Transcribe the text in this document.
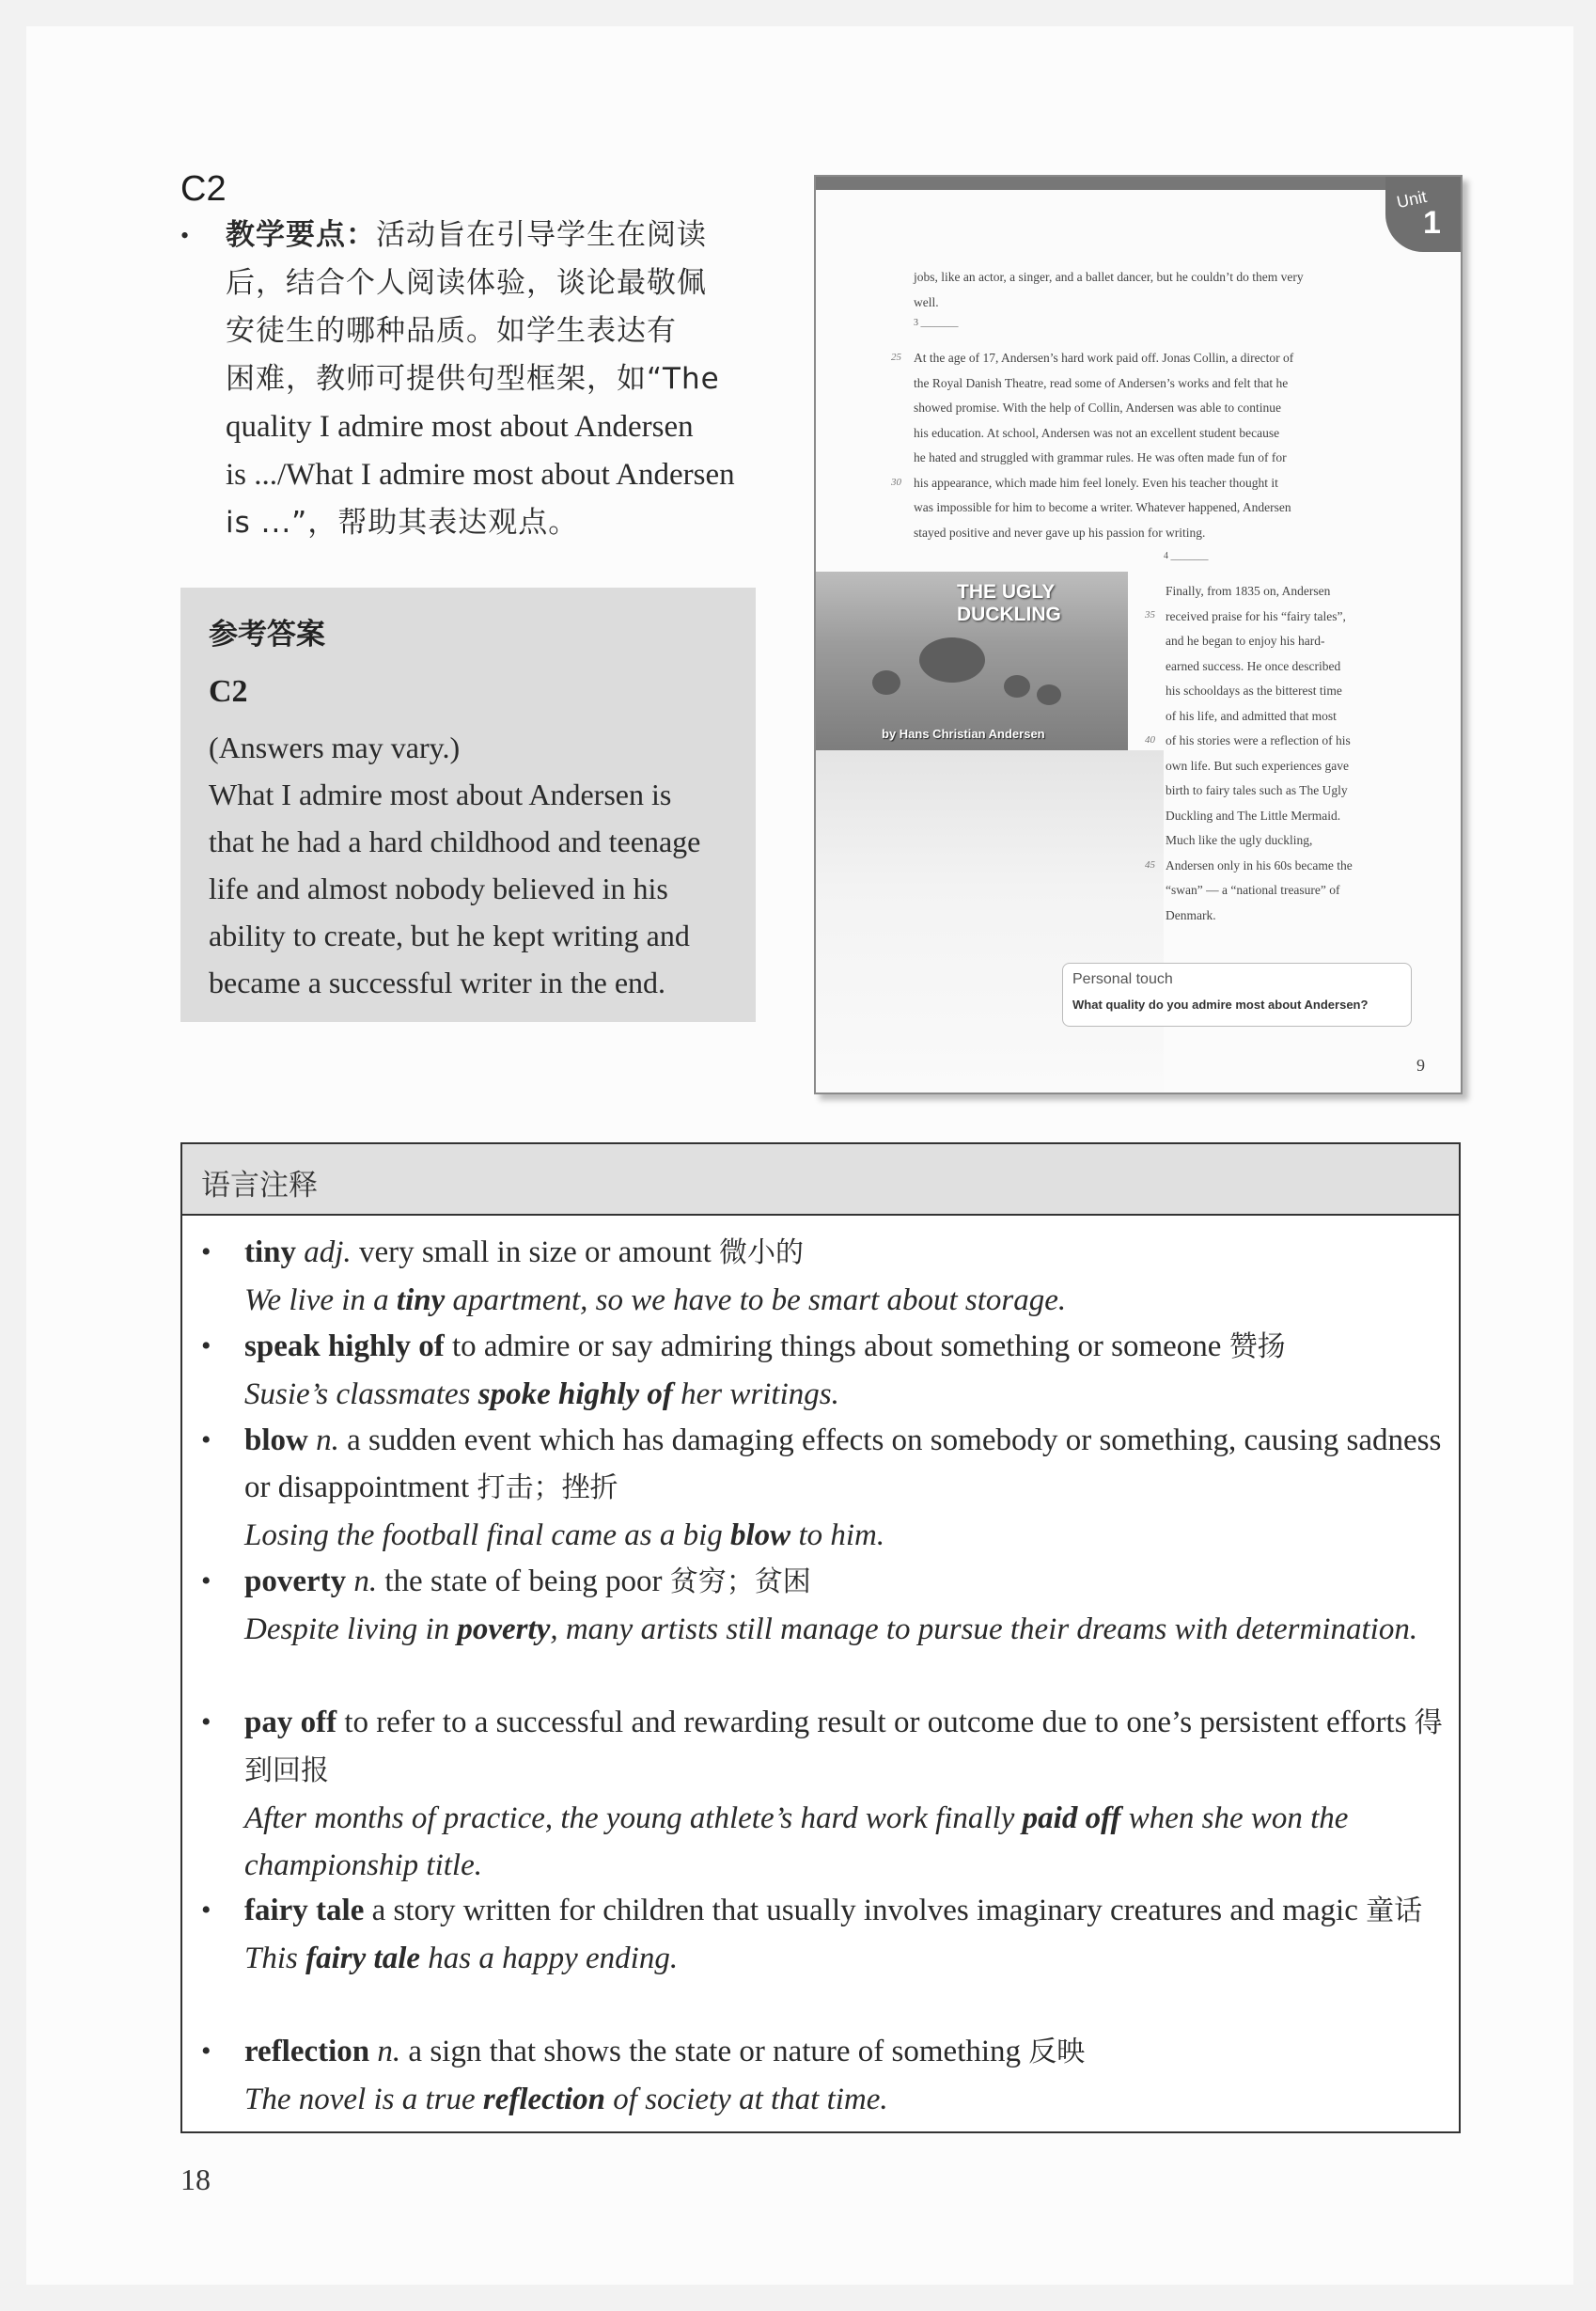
C2
• 教学要点：活动旨在引导学生在阅读
后，结合个人阅读体验，谈论最敬佩
安徒生的哪种品质。如学生表达有
困难，教师可提供句型框架，如“The
quality I admire most about Andersen
is .../What I admire most about Andersen
is ...”，帮助其表达观点。
参考答案
C2
(Answers may vary.)
What I admire most about Andersen is
that he had a hard childhood and teenage
life and almost nobody believed in his
ability to create, but he kept writing and
became a successful writer in the end.
Unit
1
jobs, like an actor, a singer, and a ballet dancer, but he couldn’t do them very
well.
3 ________
25
30
At the age of 17, Andersen’s hard work paid off. Jonas Collin, a director of
the Royal Danish Theatre, read some of Andersen’s works and felt that he
showed promise. With the help of Collin, Andersen was able to continue
his education. At school, Andersen was not an excellent student because
he hated and struggled with grammar rules. He was often made fun of for
his appearance, which made him feel lonely. Even his teacher thought it
was impossible for him to become a writer. Whatever happened, Andersen
stayed positive and never gave up his passion for writing.
4 ________
THE UGLY DUCKLING
by Hans Christian Andersen
35
40
45
Finally, from 1835 on, Andersen
received praise for his “fairy tales”,
and he began to enjoy his hard-
earned success. He once described
his schooldays as the bitterest time
of his life, and admitted that most
of his stories were a reflection of his
own life. But such experiences gave
birth to fairy tales such as The Ugly
Duckling and The Little Mermaid.
Much like the ugly duckling,
Andersen only in his 60s became the
“swan” — a “national treasure” of
Denmark.
Personal touch
What quality do you admire most about Andersen?
9
语言注释
• tiny adj. very small in size or amount 微小的
We live in a tiny apartment, so we have to be smart about storage.
• speak highly of to admire or say admiring things about something or someone 赞扬
Susie’s classmates spoke highly of her writings.
• blow n. a sudden event which has damaging effects on somebody or something, causing sadness or disappointment 打击；挫折
Losing the football final came as a big blow to him.
• poverty n. the state of being poor 贫穷；贫困
Despite living in poverty, many artists still manage to pursue their dreams with determination.
• pay off to refer to a successful and rewarding result or outcome due to one’s persistent efforts 得到回报
After months of practice, the young athlete’s hard work finally paid off when she won the championship title.
• fairy tale a story written for children that usually involves imaginary creatures and magic 童话
This fairy tale has a happy ending.
• reflection n. a sign that shows the state or nature of something 反映
The novel is a true reflection of society at that time.
18
